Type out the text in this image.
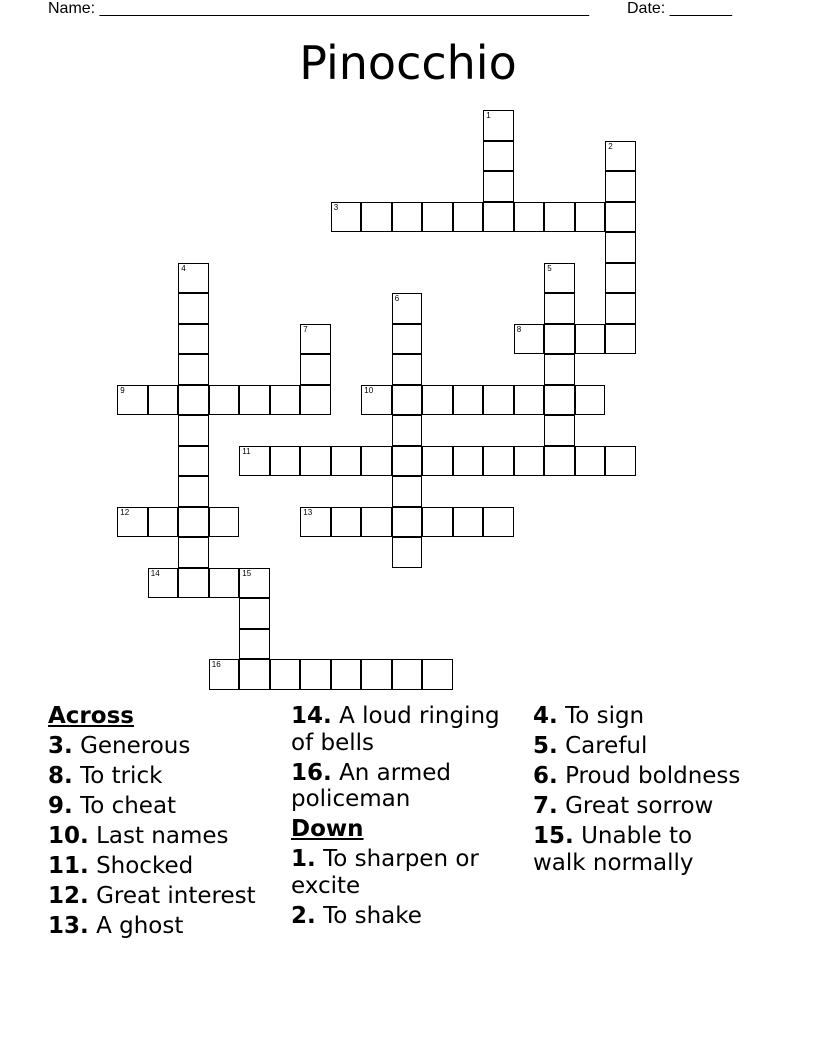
Name: _______________________________________________________ Date: _______
Pinocchio
1
2
3
4	5
6
7	8
9	10
11
12	13
14	15
16
Across
3. Generous
8. To trick
9. To cheat
10. Last names
11. Shocked
12. Great interest
13. A ghost
14. A loud ringing of bells
16. An armed policeman
Down
1. To sharpen or excite
2. To shake
4. To sign
5. Careful
6. Proud boldness
7. Great sorrow
15. Unable to walk normally
